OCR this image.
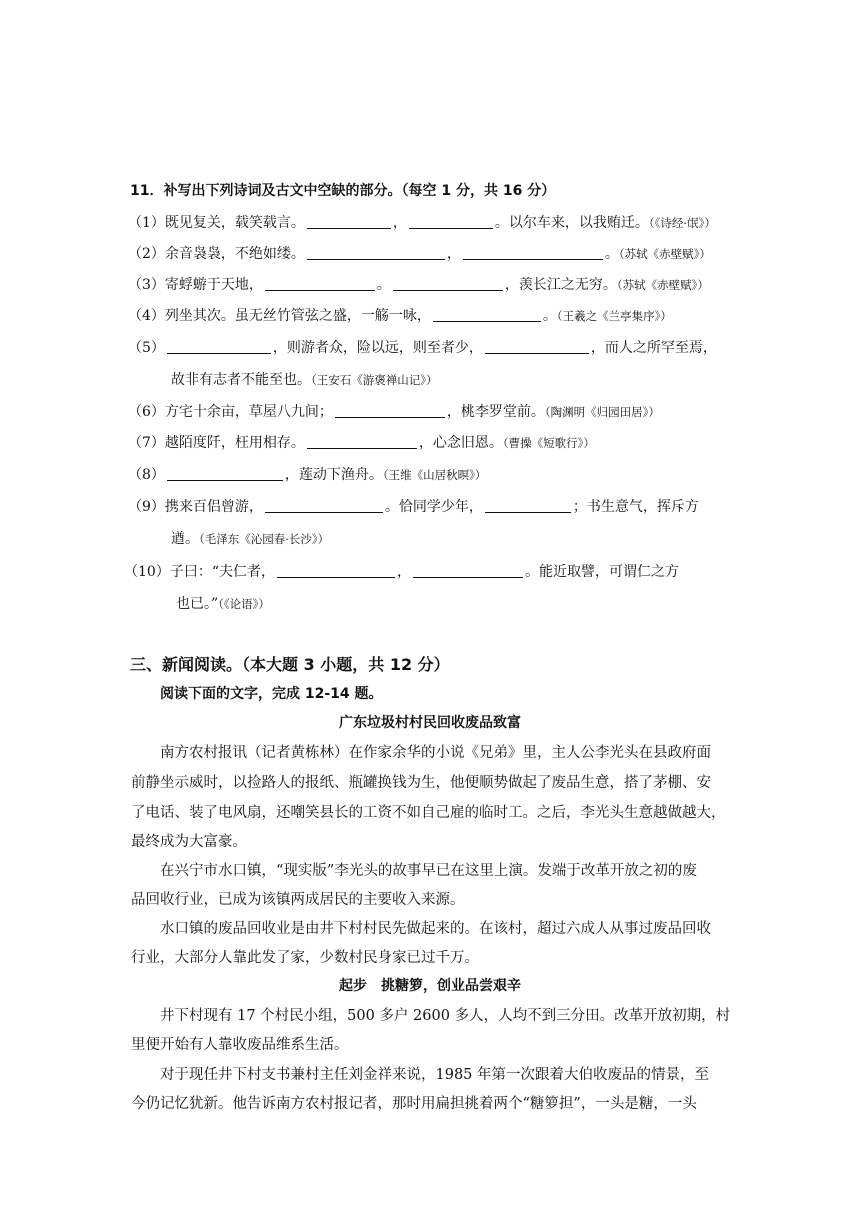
11．补写出下列诗词及古文中空缺的部分。（每空 1 分，共 16 分）
（1）既见复关，载笑载言。	，	。以尔车来，以我贿迁。（《诗经·氓》）
（2）余音袅袅，不绝如缕。	，	。（苏轼《赤壁赋》）
（3）寄蜉蝣于天地，	。	，羡长江之无穷。（苏轼《赤壁赋》）
（4）列坐其次。虽无丝竹管弦之盛，一觞一咏，	。（王羲之《兰亭集序》）
（5）	，则游者众，险以远，则至者少，	，而人之所罕至焉，
故非有志者不能至也。（王安石《游褒禅山记》）
（6）方宅十余亩，草屋八九间；	，桃李罗堂前。（陶渊明《归园田居》）
（7）越陌度阡，枉用相存。	，心念旧恩。（曹操《短歌行》）
（8）	，莲动下渔舟。（王维《山居秋暝》）
（9）携来百侣曾游，	。恰同学少年，	；书生意气，挥斥方
遒。（毛泽东《沁园春·长沙》）
（10）子曰：“夫仁者，	，	。能近取譬，可谓仁之方
也已。”（《论语》）
三、新闻阅读。（本大题 3 小题，共 12 分）
阅读下面的文字，完成 12-14 题。
广东垃圾村村民回收废品致富
南方农村报讯（记者黄栋林）在作家余华的小说《兄弟》里，主人公李光头在县政府面
前静坐示威时，以捡路人的报纸、瓶罐换钱为生，他便顺势做起了废品生意，搭了茅棚、安
了电话、装了电风扇，还嘲笑县长的工资不如自己雇的临时工。之后，李光头生意越做越大，
最终成为大富豪。
在兴宁市水口镇，“现实版”李光头的故事早已在这里上演。发端于改革开放之初的废
品回收行业，已成为该镇两成居民的主要收入来源。
水口镇的废品回收业是由井下村村民先做起来的。在该村，超过六成人从事过废品回收
行业，大部分人靠此发了家，少数村民身家已过千万。
起步　挑糖箩，创业品尝艰辛
井下村现有 17 个村民小组，500 多户 2600 多人，人均不到三分田。改革开放初期，村
里便开始有人靠收废品维系生活。
对于现任井下村支书兼村主任刘金祥来说，1985 年第一次跟着大伯收废品的情景，至
今仍记忆犹新。他告诉南方农村报记者，那时用扁担挑着两个“糖箩担”，一头是糖，一头
